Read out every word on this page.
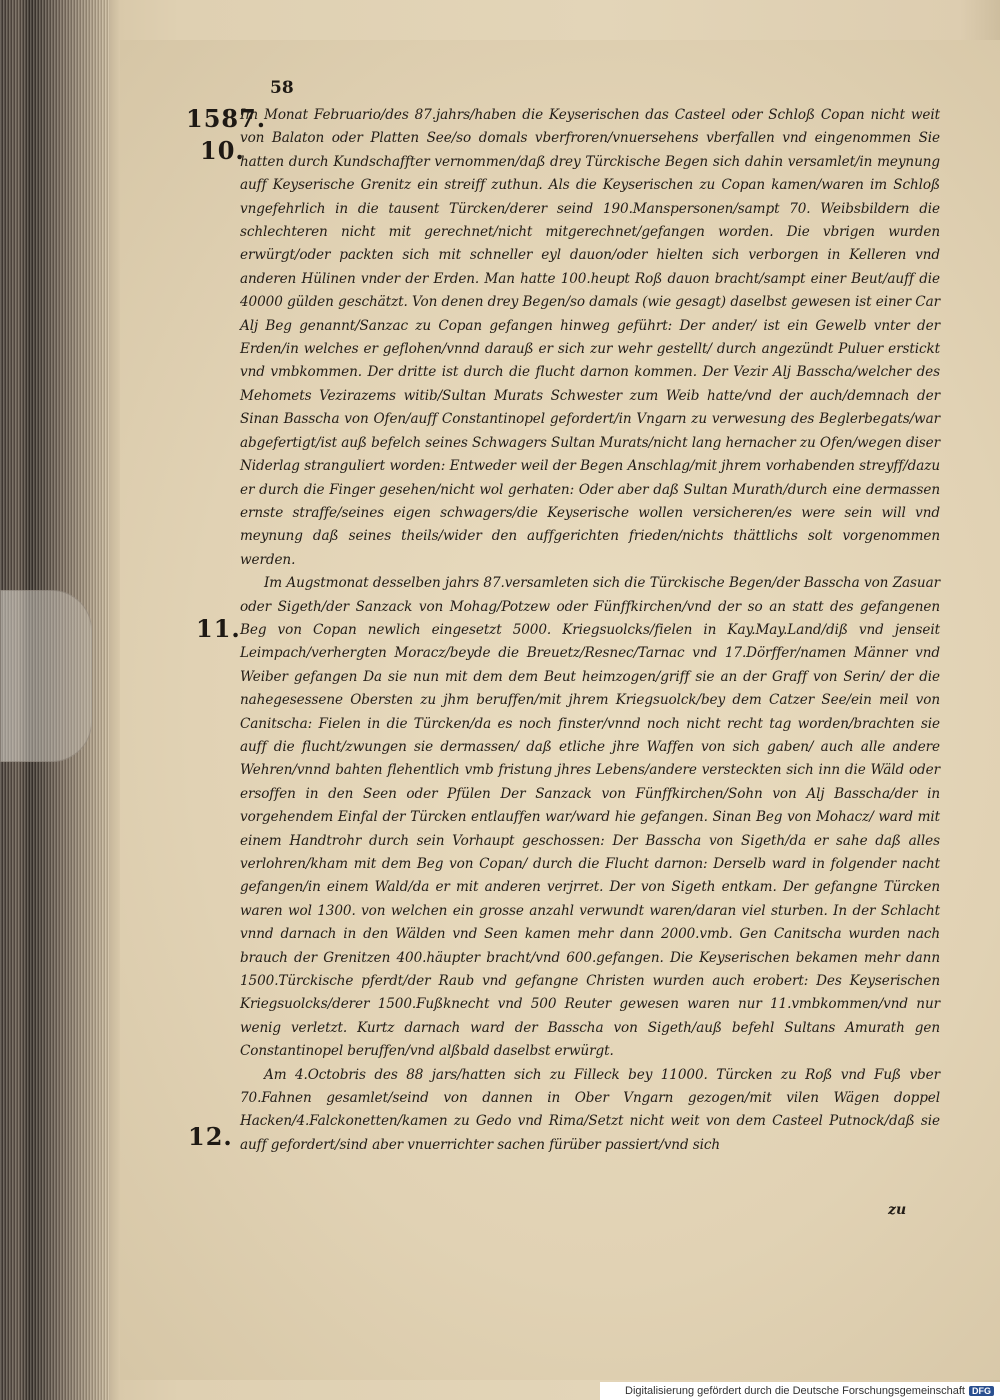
58
1587.
10.
11.
12.

Im Monat Februario/des 87.jahrs/haben die Keyserischen das Casteel oder Schloß Copan nicht weit von Balaton oder Platten See/so domals vberfroren/vnuersehens vberfallen vnd eingenommen Sie hatten durch Kundschaffter vernommen/daß drey Türckische Begen sich dahin versamlet/in meynung auff Keyserische Grenitz ein streiff zuthun. Als die Keyserischen zu Copan kamen/waren im Schloß vngefehrlich in die tausent Türcken/derer seind 190.Manspersonen/sampt 70. Weibsbildern die schlechteren nicht mit gerechnet/nicht mitgerechnet/gefangen worden. Die vbrigen wurden erwürgt/oder packten sich mit schneller eyl dauon/oder hielten sich verborgen in Kelleren vnd anderen Hülinen vnder der Erden. Man hatte 100.heupt Roß dauon bracht/sampt einer Beut/auff die 40000 gülden geschätzt. Von denen drey Begen/so damals (wie gesagt) daselbst gewesen ist einer Car Alj Beg genannt/Sanzac zu Copan gefangen hinweg geführt: Der ander/ ist ein Gewelb vnter der Erden/in welches er geflohen/vnnd darauß er sich zur wehr gestellt/ durch angezündt Puluer erstickt vnd vmbkommen. Der dritte ist durch die flucht darnon kommen. Der Vezir Alj Basscha/welcher des Mehomets Vezirazems witib/Sultan Murats Schwester zum Weib hatte/vnd der auch/demnach der Sinan Basscha von Ofen/auff Constantinopel gefordert/in Vngarn zu verwesung des Beglerbegats/war abgefertigt/ist auß befelch seines Schwagers Sultan Murats/nicht lang hernacher zu Ofen/wegen diser Niderlag stranguliert worden: Entweder weil der Begen Anschlag/mit jhrem vorhabenden streyff/dazu er durch die Finger gesehen/nicht wol gerhaten: Oder aber daß Sultan Murath/durch eine dermassen ernste straffe/seines eigen schwagers/die Keyserische wollen versicheren/es were sein will vnd meynung daß seines theils/wider den auffgerichten frieden/nichts thättlichs solt vorgenommen werden.

Im Augstmonat desselben jahrs 87.versamleten sich die Türckische Begen/der Basscha von Zasuar oder Sigeth/der Sanzack von Mohag/Potzew oder Fünffkirchen/vnd der so an statt des gefangenen Beg von Copan newlich eingesetzt 5000. Kriegsuolcks/fielen in Kay.May.Land/diß vnd jenseit Leimpach/verhergten Moracz/beyde die Breuetz/Resnec/Tarnac vnd 17.Dörffer/namen Männer vnd Weiber gefangen Da sie nun mit dem dem Beut heimzogen/griff sie an der Graff von Serin/ der die nahegesessene Obersten zu jhm beruffen/mit jhrem Kriegsuolck/bey dem Catzer See/ein meil von Canitscha: Fielen in die Türcken/da es noch finster/vnnd noch nicht recht tag worden/brachten sie auff die flucht/zwungen sie dermassen/ daß etliche jhre Waffen von sich gaben/ auch alle andere Wehren/vnnd bahten flehentlich vmb fristung jhres Lebens/andere versteckten sich inn die Wäld oder ersoffen in den Seen oder Pfülen Der Sanzack von Fünffkirchen/Sohn von Alj Basscha/der in vorgehendem Einfal der Türcken entlauffen war/ward hie gefangen. Sinan Beg von Mohacz/ ward mit einem Handtrohr durch sein Vorhaupt geschossen: Der Basscha von Sigeth/da er sahe daß alles verlohren/kham mit dem Beg von Copan/ durch die Flucht darnon: Derselb ward in folgender nacht gefangen/in einem Wald/da er mit anderen verjrret. Der von Sigeth entkam. Der gefangne Türcken waren wol 1300. von welchen ein grosse anzahl verwundt waren/daran viel sturben. In der Schlacht vnnd darnach in den Wälden vnd Seen kamen mehr dann 2000.vmb. Gen Canitscha wurden nach brauch der Grenitzen 400.häupter bracht/vnd 600.gefangen. Die Keyserischen bekamen mehr dann 1500.Türckische pferdt/der Raub vnd gefangne Christen wurden auch erobert: Des Keyserischen Kriegsuolcks/derer 1500.Fußknecht vnd 500 Reuter gewesen waren nur 11.vmbkommen/vnd nur wenig verletzt. Kurtz darnach ward der Basscha von Sigeth/auß befehl Sultans Amurath gen Constantinopel beruffen/vnd alßbald daselbst erwürgt.

Am 4.Octobris des 88 jars/hatten sich zu Filleck bey 11000. Türcken zu Roß vnd Fuß vber 70.Fahnen gesamlet/seind von dannen in Ober Vngarn gezogen/mit vilen Wägen doppel Hacken/4.Falckonetten/kamen zu Gedo vnd Rima/Setzt nicht weit von dem Casteel Putnock/daß sie auff gefordert/sind aber vnuerrichter sachen fürüber passiert/vnd sich

zu
Digitalisierung gefördert durch die Deutsche Forschungsgemeinschaft DFG
